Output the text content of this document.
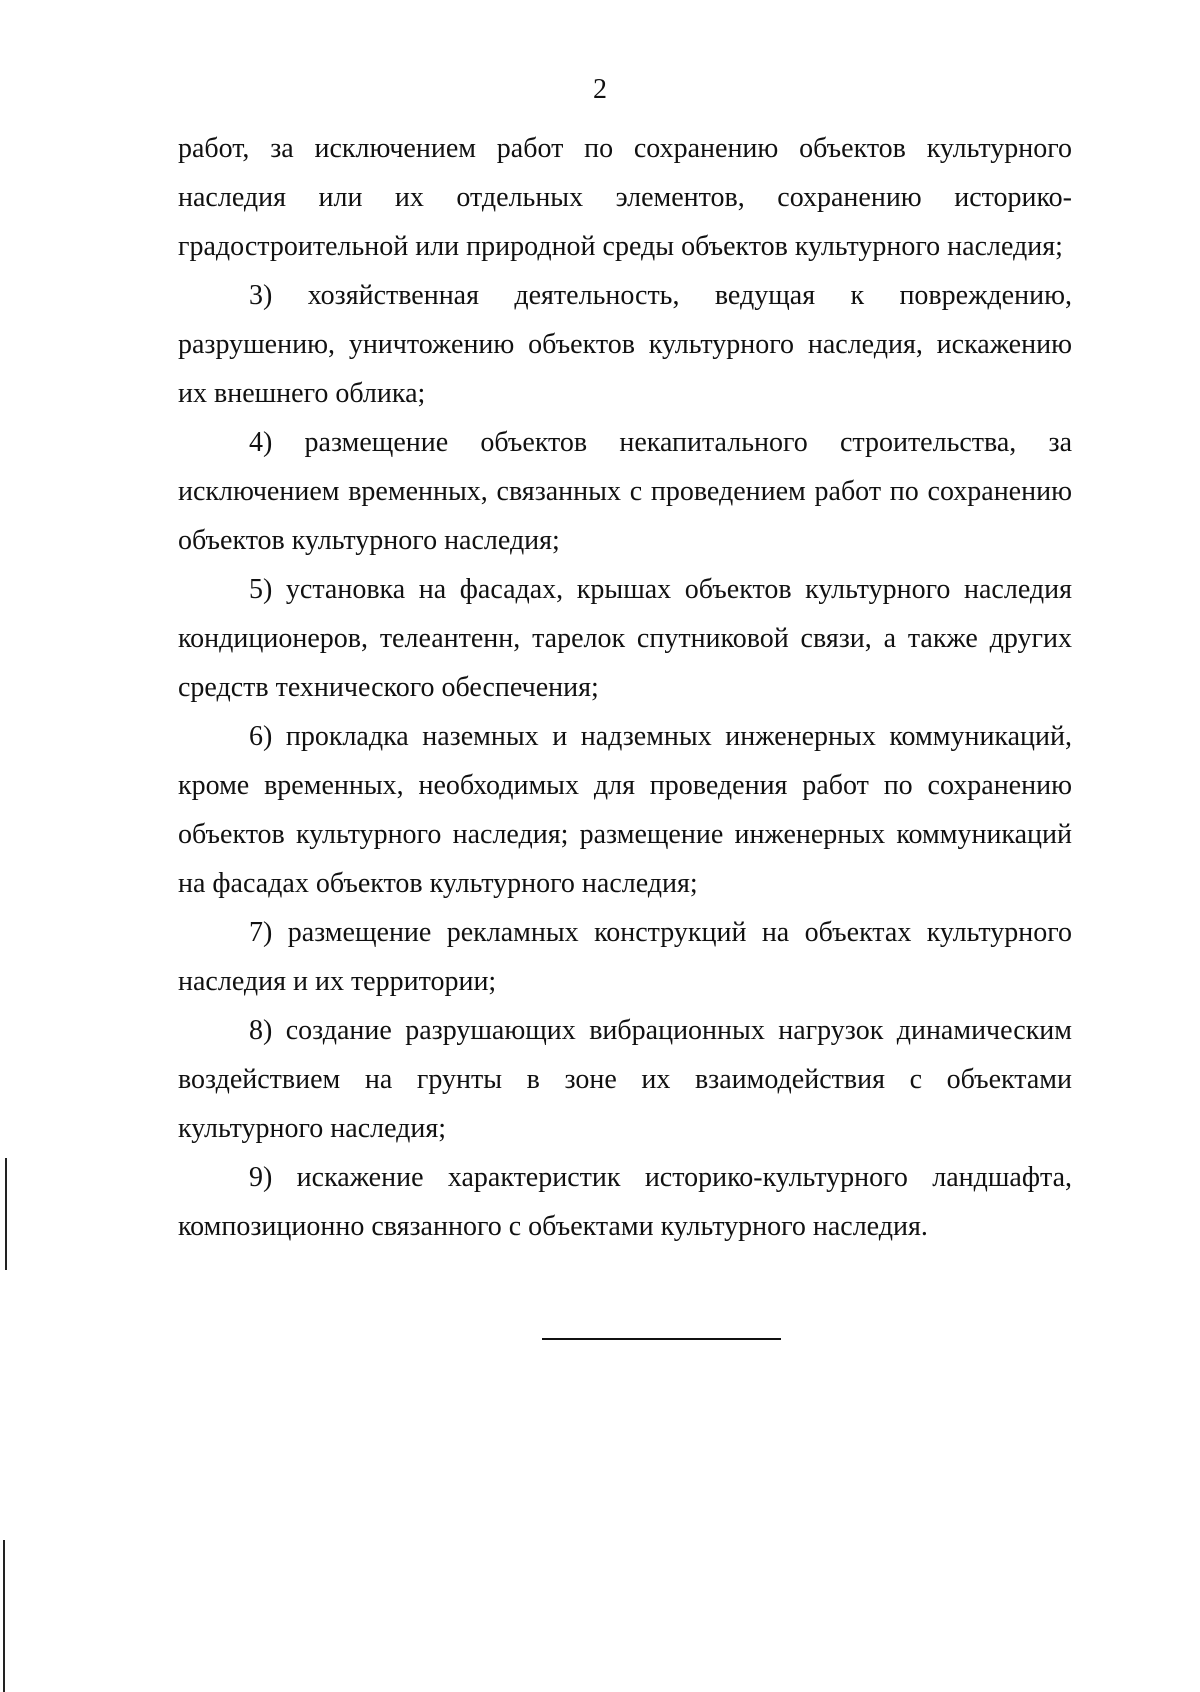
2

работ, за исключением работ по сохранению объектов культурного наследия или их отдельных элементов, сохранению историко-градостроительной или природной среды объектов культурного наследия;

3) хозяйственная деятельность, ведущая к повреждению, разрушению, уничтожению объектов культурного наследия, искажению их внешнего облика;

4) размещение объектов некапитального строительства, за исключением временных, связанных с проведением работ по сохранению объектов культурного наследия;

5) установка на фасадах, крышах объектов культурного наследия кондиционеров, телеантенн, тарелок спутниковой связи, а также других средств технического обеспечения;

6) прокладка наземных и надземных инженерных коммуникаций, кроме временных, необходимых для проведения работ по сохранению объектов культурного наследия; размещение инженерных коммуникаций на фасадах объектов культурного наследия;

7) размещение рекламных конструкций на объектах культурного наследия и их территории;

8) создание разрушающих вибрационных нагрузок динамическим воздействием на грунты в зоне их взаимодействия с объектами культурного наследия;

9) искажение характеристик историко-культурного ландшафта, композиционно связанного с объектами культурного наследия.
